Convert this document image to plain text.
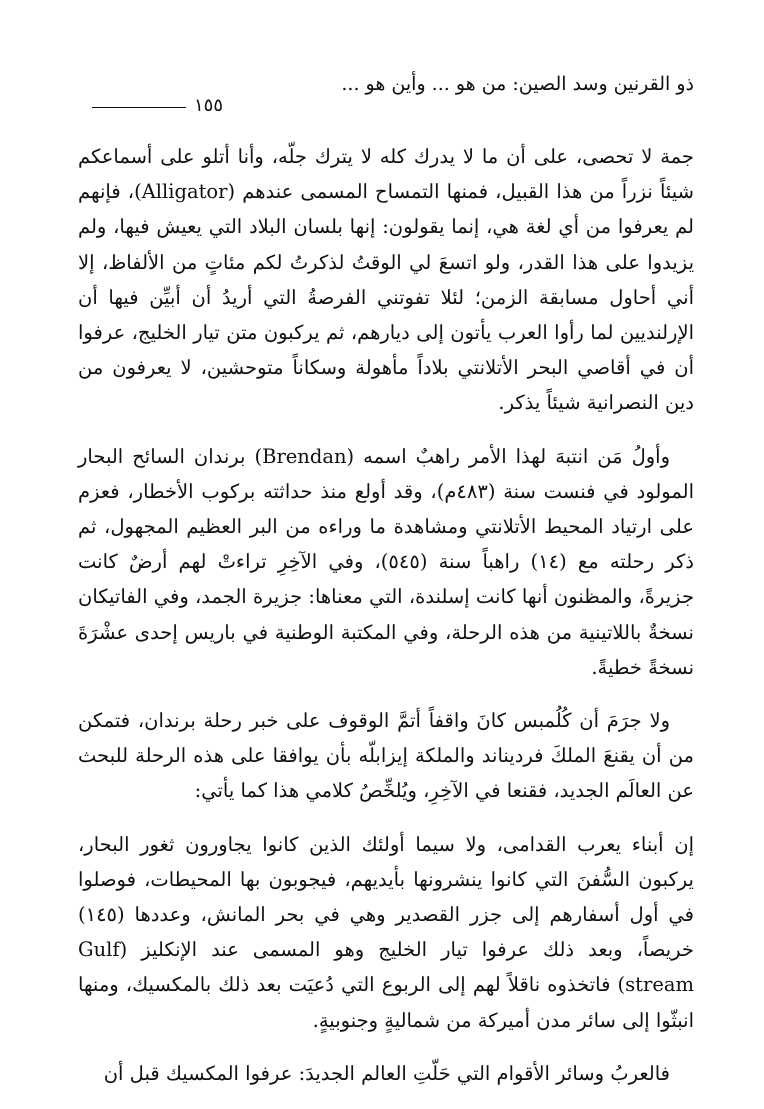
ذو القرنين وسد الصين: من هو ... وأين هو ...
١٥٥

جمة لا تحصى، على أن ما لا يدرك كله لا يترك جلّه، وأنا أتلو على أسماعكم شيئاً نزراً من هذا القبيل، فمنها التمساح المسمى عندهم (Alligator)، فإنهم لم يعرفوا من أي لغة هي، إنما يقولون: إنها بلسان البلاد التي يعيش فيها، ولم يزيدوا على هذا القدر، ولو اتسعَ لي الوقتُ لذكرتُ لكم مئاتٍ من الألفاظ، إلا أني أحاول مسابقة الزمن؛ لئلا تفوتني الفرصةُ التي أريدُ أن أبيِّن فيها أن الإرلنديين لما رأوا العرب يأتون إلى ديارهم، ثم يركبون متن تيار الخليج، عرفوا أن في أقاصي البحر الأتلانتي بلاداً مأهولة وسكاناً متوحشين، لا يعرفون من دين النصرانية شيئاً يذكر.

وأولُ مَن انتبهَ لهذا الأمر راهبٌ اسمه (Brendan) برندان السائح البحار المولود في فنست سنة (٤٨٣م)، وقد أولع منذ حداثته بركوب الأخطار، فعزم على ارتياد المحيط الأتلانتي ومشاهدة ما وراءه من البر العظيم المجهول، ثم ذكر رحلته مع (١٤) راهباً سنة (٥٤٥)، وفي الآخِرِ تراءتْ لهم أرضٌ كانت جزيرةً، والمظنون أنها كانت إسلندة، التي معناها: جزيرة الجمد، وفي الفاتيكان نسخةٌ باللاتينية من هذه الرحلة، وفي المكتبة الوطنية في باريس إحدى عشْرَةَ نسخةً خطيةً.

ولا جرَمَ أن كُلُمبس كانَ واقفاً أتمَّ الوقوف على خبر رحلة برندان، فتمكن من أن يقنعَ الملكَ فرديناند والملكة إيزابلّه بأن يوافقا على هذه الرحلة للبحث عن العالَم الجديد، فقنعا في الآخِرِ، ويُلخِّصُ كلامي هذا كما يأتي:

إن أبناء يعرب القدامى، ولا سيما أولئك الذين كانوا يجاورون ثغور البحار، يركبون السُّفنَ التي كانوا ينشرونها بأيديهم، فيجوبون بها المحيطات، فوصلوا في أول أسفارهم إلى جزر القصدير وهي في بحر المانش، وعددها (١٤٥) خريصاً، وبعد ذلك عرفوا تيار الخليج وهو المسمى عند الإنكليز (Gulf stream) فاتخذوه ناقلاً لهم إلى الربوع التي دُعيَت بعد ذلك بالمكسيك، ومنها انبثّوا إلى سائر مدن أميركة من شماليةٍ وجنوبيةٍ.

فالعربُ وسائر الأقوام التي حَلّتِ العالم الجديدَ: عرفوا المكسيك قبل أن
